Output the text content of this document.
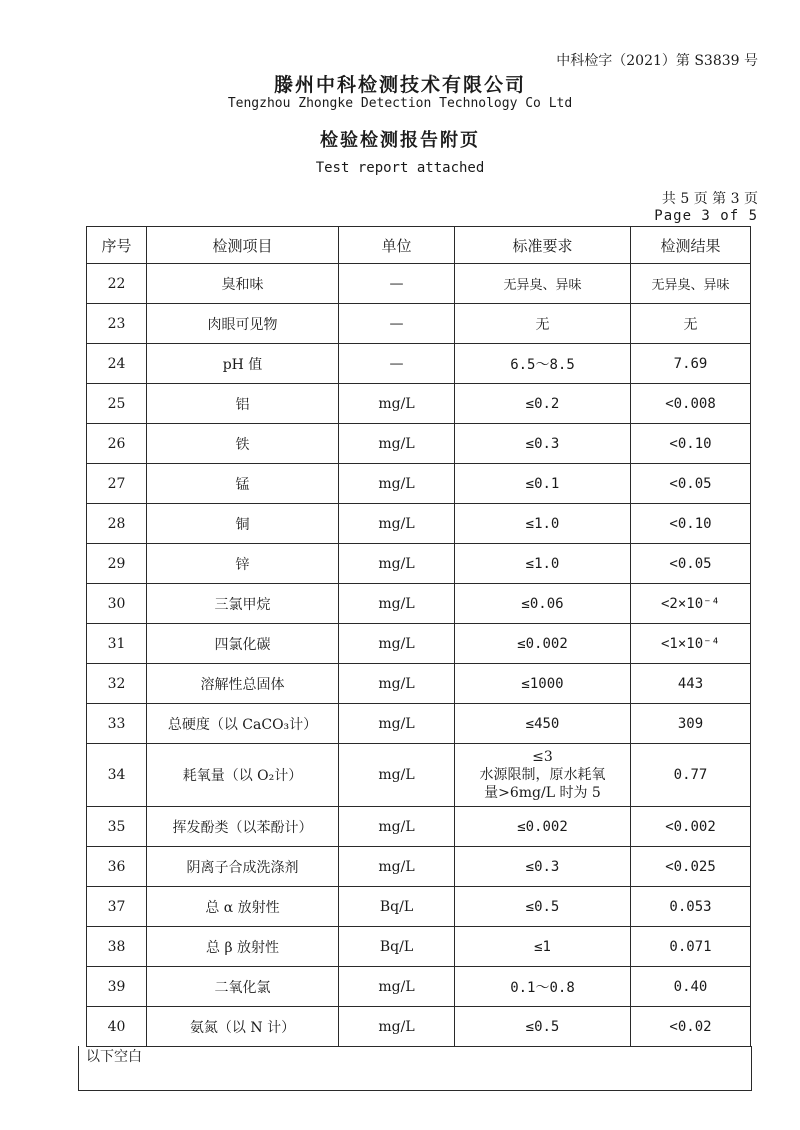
中科检字（2021）第 S3839 号
滕州中科检测技术有限公司
Tengzhou Zhongke Detection Technology Co Ltd
检验检测报告附页
Test report attached
共 5 页 第 3 页
Page 3 of 5
序号	检测项目	单位	标准要求	检测结果
22	臭和味	—	无异臭、异味	无异臭、异味
23	肉眼可见物	—	无	无
24	pH 值	—	6.5～8.5	7.69
25	铝	mg/L	≤0.2	<0.008
26	铁	mg/L	≤0.3	<0.10
27	锰	mg/L	≤0.1	<0.05
28	铜	mg/L	≤1.0	<0.10
29	锌	mg/L	≤1.0	<0.05
30	三氯甲烷	mg/L	≤0.06	<2×10⁻⁴
31	四氯化碳	mg/L	≤0.002	<1×10⁻⁴
32	溶解性总固体	mg/L	≤1000	443
33	总硬度（以 CaCO₃计）	mg/L	≤450	309
34	耗氧量（以 O₂计）	mg/L	≤3
水源限制，原水耗氧
量>6mg/L 时为 5	0.77
35	挥发酚类（以苯酚计）	mg/L	≤0.002	<0.002
36	阴离子合成洗涤剂	mg/L	≤0.3	<0.025
37	总 α 放射性	Bq/L	≤0.5	0.053
38	总 β 放射性	Bq/L	≤1	0.071
39	二氧化氯	mg/L	0.1～0.8	0.40
40	氨氮（以 N 计）	mg/L	≤0.5	<0.02
以下空白
